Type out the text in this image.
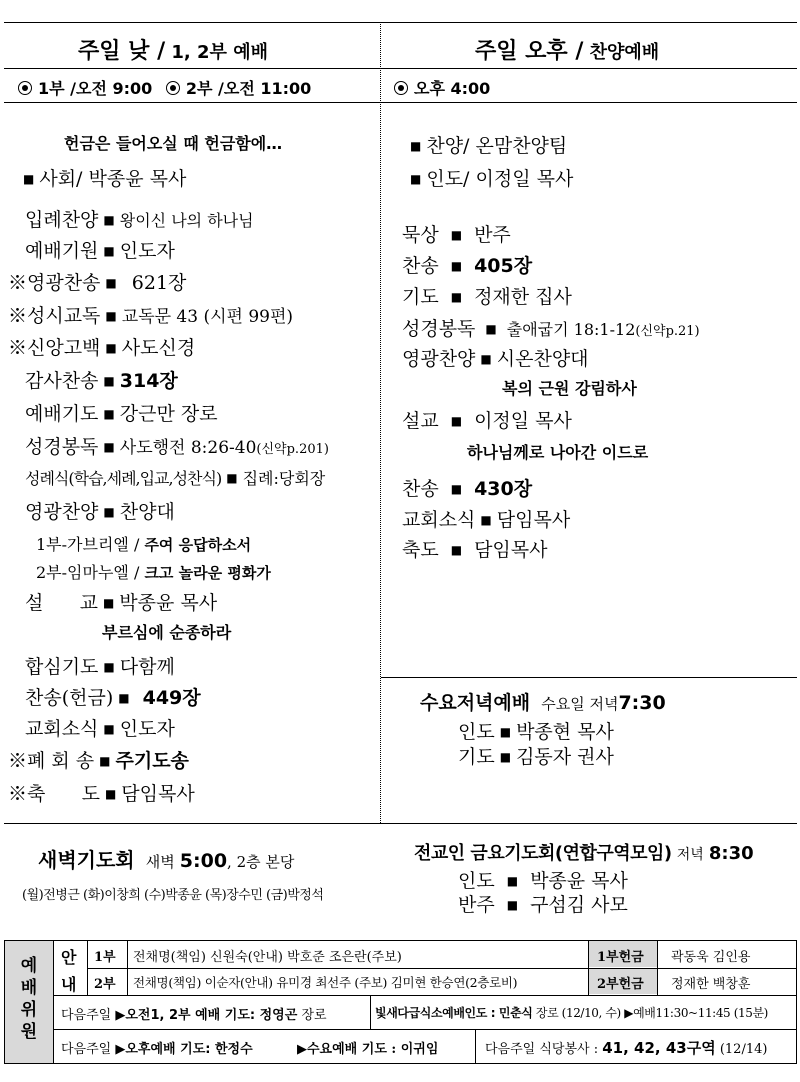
주일 낮 / 1, 2부 예배
1부 /오전 9:00 2부 /오전 11:00
주일 오후 / 찬양예배
오후 4:00
헌금은 들어오실 때 헌금함에…
■ 사회/ 박종윤 목사
입례찬양 ■ 왕이신 나의 하나님
예배기원 ■ 인도자
※영광찬송 ■ 621장
※성시교독 ■ 교독문 43 (시편 99편)
※신앙고백 ■ 사도신경
감사찬송 ■ 314장
예배기도 ■ 강근만 장로
성경봉독 ■ 사도행전 8:26-40(신약p.201)
성례식(학습,세례,입교,성찬식) ■ 집례:당회장
영광찬양 ■ 찬양대
1부-가브리엘 / 주여 응답하소서
2부-임마누엘 / 크고 놀라운 평화가
설      교 ■ 박종윤 목사
부르심에 순종하라
합심기도 ■ 다함께
찬송(헌금) ■ 449장
교회소식 ■ 인도자
※폐 회 송 ■ 주기도송
※축      도 ■ 담임목사
■ 찬양/ 온맘찬양팀
■ 인도/ 이정일 목사
묵상 ■ 반주
찬송 ■ 405장
기도 ■ 정재한 집사
성경봉독 ■ 출애굽기 18:1-12(신약p.21)
영광찬양 ■ 시온찬양대
복의 근원 강림하사
설교 ■ 이정일 목사
하나님께로 나아간 이드로
찬송 ■ 430장
교회소식 ■ 담임목사
축도 ■ 담임목사
수요저녁예배 수요일 저녁7:30
인도 ■ 박종현 목사
기도 ■ 김동자 권사
새벽기도회 새벽 5:00, 2층 본당
(월)전병근 (화)이창희 (수)박종윤 (목)장수민 (금)박정석
전교인 금요기도회(연합구역모임) 저녁 8:30
인도 ■ 박종윤 목사
반주 ■ 구섬김 사모
예
배
위
원
안
내
1부 전채명(책임) 신원숙(안내) 박호준 조은란(주보)	1부헌금 곽동욱 김인용
2부 전채명(책임) 이순자(안내) 유미경 최선주 (주보) 김미현 한승연(2층로비)	2부헌금 정재한 백창훈
다음주일 ▶오전1, 2부 예배 기도: 정영곤 장로	빛새다급식소예배인도 : 민춘식 장로 (12/10, 수) ▶예배11:30~11:45 (15분)
다음주일 ▶오후예배 기도: 한정수	▶수요예배 기도 : 이귀임	다음주일 식당봉사 : 41, 42, 43구역 (12/14)
